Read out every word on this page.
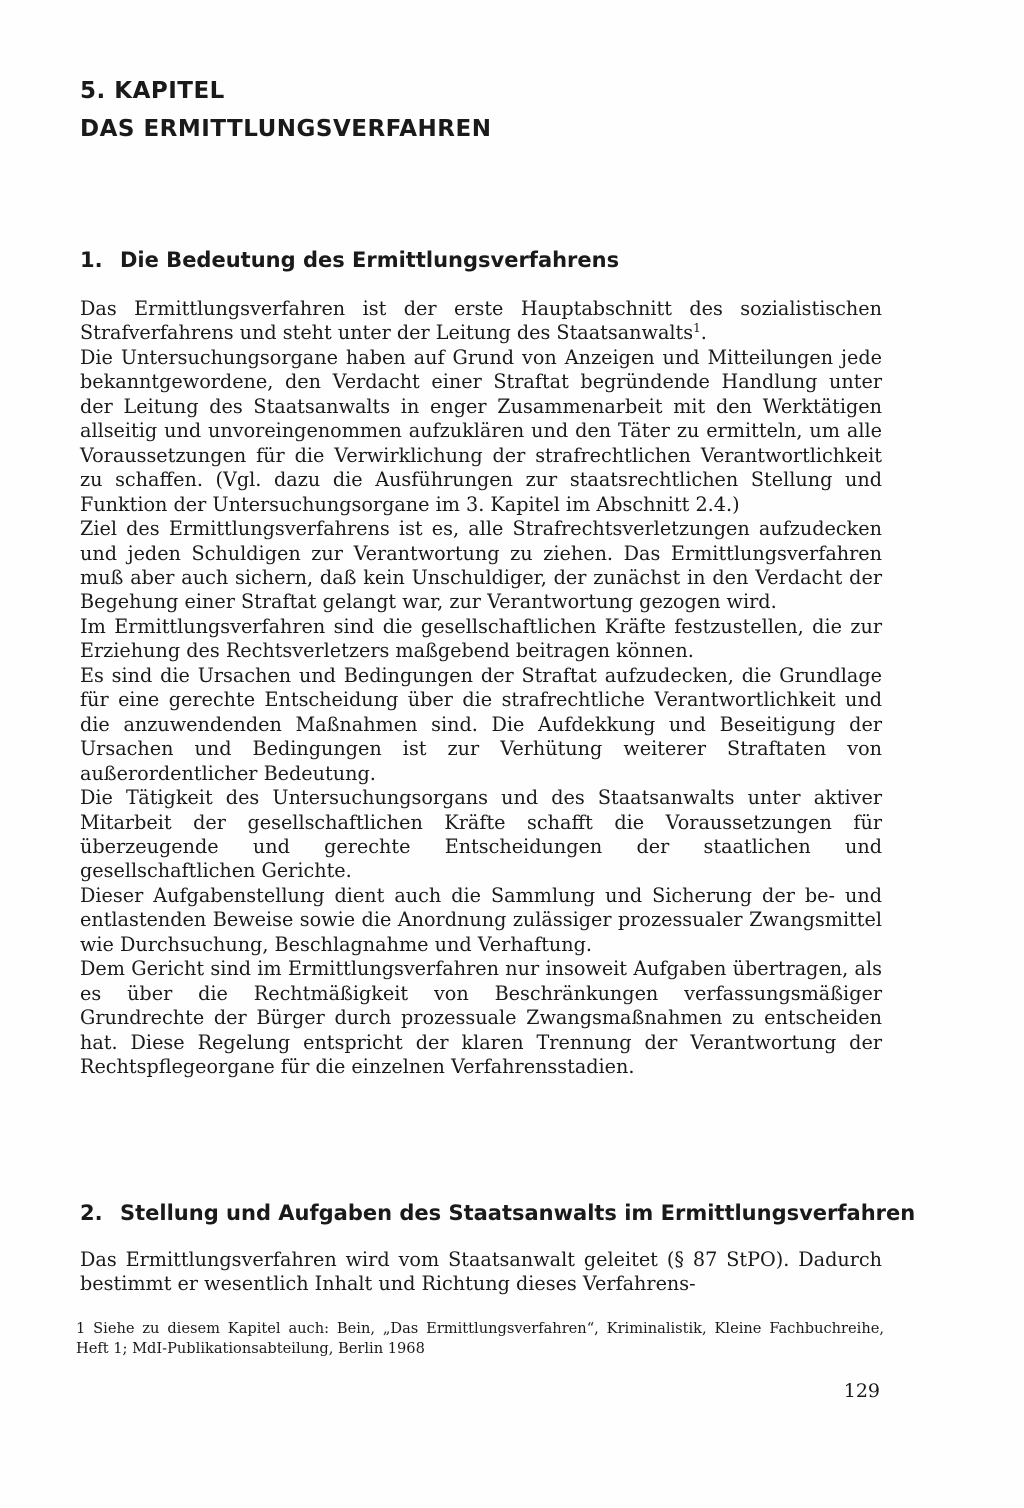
5. KAPITEL
DAS ERMITTLUNGSVERFAHREN
1. Die Bedeutung des Ermittlungsverfahrens

Das Ermittlungsverfahren ist der erste Hauptabschnitt des sozialistischen Strafverfahrens und steht unter der Leitung des Staatsanwalts$^1$.

Die Untersuchungsorgane haben auf Grund von Anzeigen und Mitteilungen jede bekanntgewordene, den Verdacht einer Straftat begründende Handlung unter der Leitung des Staatsanwalts in enger Zusammenarbeit mit den Werktätigen allseitig und unvoreingenommen aufzuklären und den Täter zu ermitteln, um alle Voraussetzungen für die Verwirklichung der strafrechtlichen Verantwortlichkeit zu schaffen. (Vgl. dazu die Ausführungen zur staatsrechtlichen Stellung und Funktion der Untersuchungsorgane im 3. Kapitel im Abschnitt 2.4.)

Ziel des Ermittlungsverfahrens ist es, alle Strafrechtsverletzungen aufzudecken und jeden Schuldigen zur Verantwortung zu ziehen. Das Ermittlungsverfahren muß aber auch sichern, daß kein Unschuldiger, der zunächst in den Verdacht der Begehung einer Straftat gelangt war, zur Verantwortung gezogen wird.

Im Ermittlungsverfahren sind die gesellschaftlichen Kräfte festzustellen, die zur Erziehung des Rechtsverletzers maßgebend beitragen können.

Es sind die Ursachen und Bedingungen der Straftat aufzudecken, die Grundlage für eine gerechte Entscheidung über die strafrechtliche Verantwortlichkeit und die anzuwendenden Maßnahmen sind. Die Aufdekkung und Beseitigung der Ursachen und Bedingungen ist zur Verhütung weiterer Straftaten von außerordentlicher Bedeutung.

Die Tätigkeit des Untersuchungsorgans und des Staatsanwalts unter aktiver Mitarbeit der gesellschaftlichen Kräfte schafft die Voraussetzungen für überzeugende und gerechte Entscheidungen der staatlichen und gesellschaftlichen Gerichte.

Dieser Aufgabenstellung dient auch die Sammlung und Sicherung der be- und entlastenden Beweise sowie die Anordnung zulässiger prozessualer Zwangsmittel wie Durchsuchung, Beschlagnahme und Verhaftung.

Dem Gericht sind im Ermittlungsverfahren nur insoweit Aufgaben übertragen, als es über die Rechtmäßigkeit von Beschränkungen verfassungsmäßiger Grundrechte der Bürger durch prozessuale Zwangsmaßnahmen zu entscheiden hat. Diese Regelung entspricht der klaren Trennung der Verantwortung der Rechtspflegeorgane für die einzelnen Verfahrensstadien.

2. Stellung und Aufgaben des Staatsanwalts im Ermittlungsverfahren

Das Ermittlungsverfahren wird vom Staatsanwalt geleitet (§ 87 StPO). Dadurch bestimmt er wesentlich Inhalt und Richtung dieses Verfahrens-

1 Siehe zu diesem Kapitel auch: Bein, „Das Ermittlungsverfahren“, Kriminalistik, Kleine Fachbuchreihe, Heft 1; MdI-Publikationsabteilung, Berlin 1968

129
